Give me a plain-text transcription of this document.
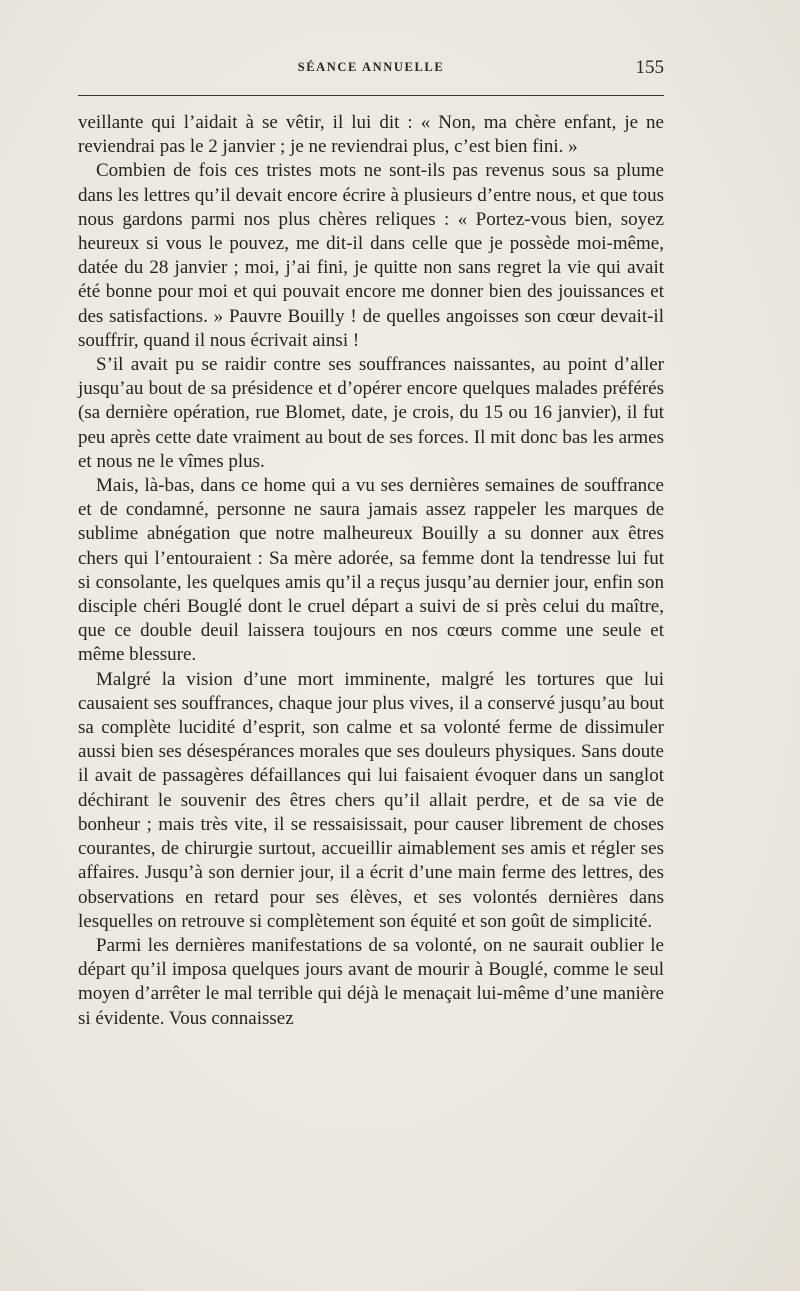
SÉANCE ANNUELLE	155

veillante qui l’aidait à se vêtir, il lui dit : « Non, ma chère enfant, je ne reviendrai pas le 2 janvier ; je ne reviendrai plus, c’est bien fini. »

Combien de fois ces tristes mots ne sont-ils pas revenus sous sa plume dans les lettres qu’il devait encore écrire à plusieurs d’entre nous, et que tous nous gardons parmi nos plus chères reliques : « Portez-vous bien, soyez heureux si vous le pouvez, me dit-il dans celle que je possède moi-même, datée du 28 janvier ; moi, j’ai fini, je quitte non sans regret la vie qui avait été bonne pour moi et qui pouvait encore me donner bien des jouissances et des satisfactions. » Pauvre Bouilly ! de quelles angoisses son cœur devait-il souffrir, quand il nous écrivait ainsi !

S’il avait pu se raidir contre ses souffrances naissantes, au point d’aller jusqu’au bout de sa présidence et d’opérer encore quelques malades préférés (sa dernière opération, rue Blomet, date, je crois, du 15 ou 16 janvier), il fut peu après cette date vraiment au bout de ses forces. Il mit donc bas les armes et nous ne le vîmes plus.

Mais, là-bas, dans ce home qui a vu ses dernières semaines de souffrance et de condamné, personne ne saura jamais assez rappeler les marques de sublime abnégation que notre malheureux Bouilly a su donner aux êtres chers qui l’entouraient : Sa mère adorée, sa femme dont la tendresse lui fut si consolante, les quelques amis qu’il a reçus jusqu’au dernier jour, enfin son disciple chéri Bouglé dont le cruel départ a suivi de si près celui du maître, que ce double deuil laissera toujours en nos cœurs comme une seule et même blessure.

Malgré la vision d’une mort imminente, malgré les tortures que lui causaient ses souffrances, chaque jour plus vives, il a conservé jusqu’au bout sa complète lucidité d’esprit, son calme et sa volonté ferme de dissimuler aussi bien ses désespérances morales que ses douleurs physiques. Sans doute il avait de passagères défaillances qui lui faisaient évoquer dans un sanglot déchirant le souvenir des êtres chers qu’il allait perdre, et de sa vie de bonheur ; mais très vite, il se ressaisissait, pour causer librement de choses courantes, de chirurgie surtout, accueillir aimablement ses amis et régler ses affaires. Jusqu’à son dernier jour, il a écrit d’une main ferme des lettres, des observations en retard pour ses élèves, et ses volontés dernières dans lesquelles on retrouve si complètement son équité et son goût de simplicité.

Parmi les dernières manifestations de sa volonté, on ne saurait oublier le départ qu’il imposa quelques jours avant de mourir à Bouglé, comme le seul moyen d’arrêter le mal terrible qui déjà le menaçait lui-même d’une manière si évidente. Vous connaissez
